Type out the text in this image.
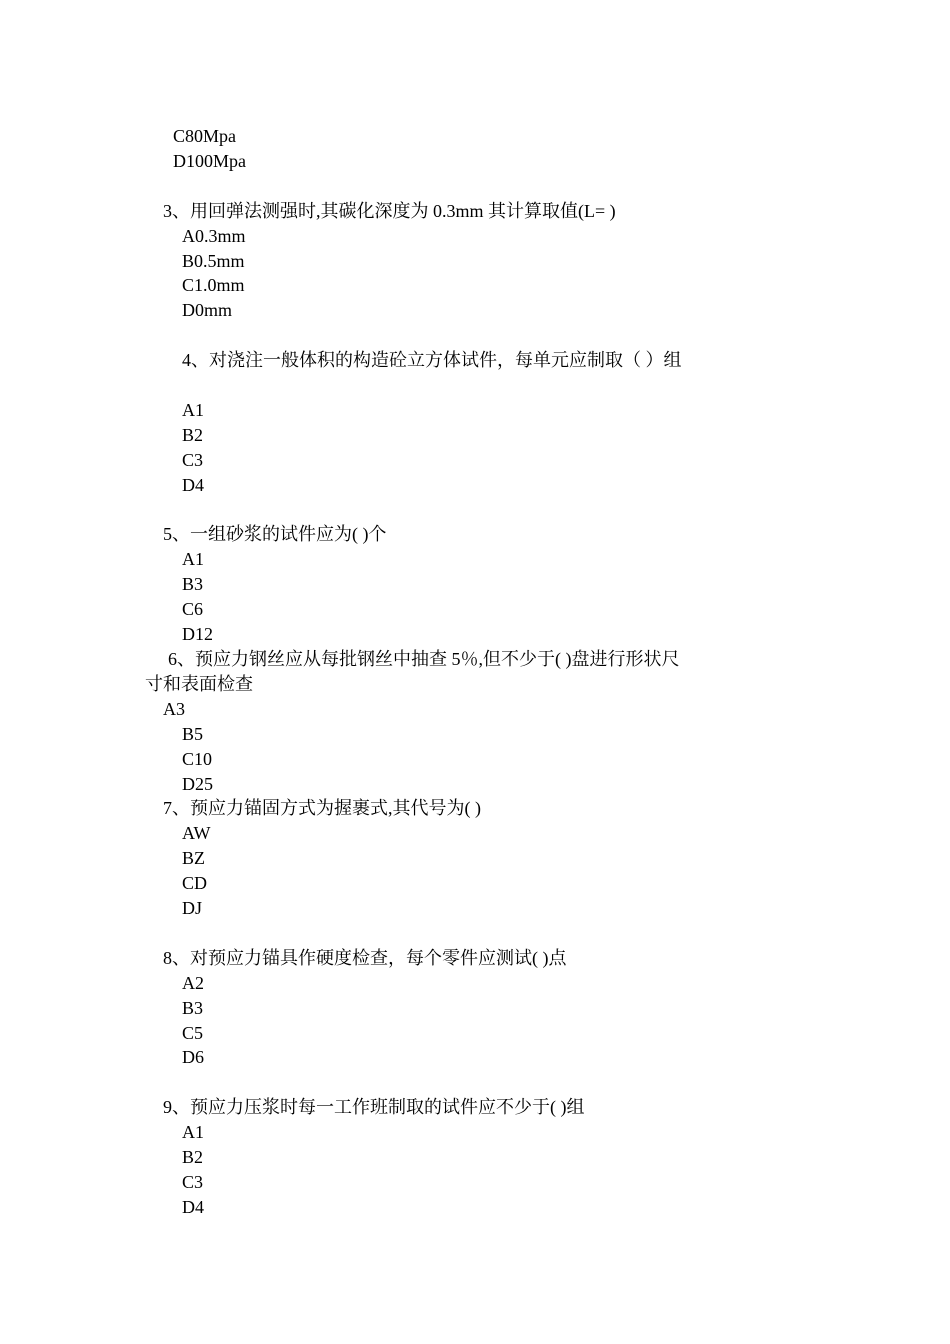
C80Mpa
D100Mpa
3、用回弹法测强时,其碳化深度为 0.3mm 其计算取值(L= )
A0.3mm
B0.5mm
C1.0mm
D0mm
4、对浇注一般体积的构造砼立方体试件，每单元应制取（ ）组
A1
B2
C3
D4
5、一组砂浆的试件应为( )个
A1
B3
C6
D12
6、预应力钢丝应从每批钢丝中抽查 5％,但不少于( )盘进行形状尺
寸和表面检查
A3
B5
C10
D25
7、预应力锚固方式为握裹式,其代号为( )
AW
BZ
CD
DJ
8、对预应力锚具作硬度检查，每个零件应测试( )点
A2
B3
C5
D6
9、预应力压浆时每一工作班制取的试件应不少于( )组
A1
B2
C3
D4
